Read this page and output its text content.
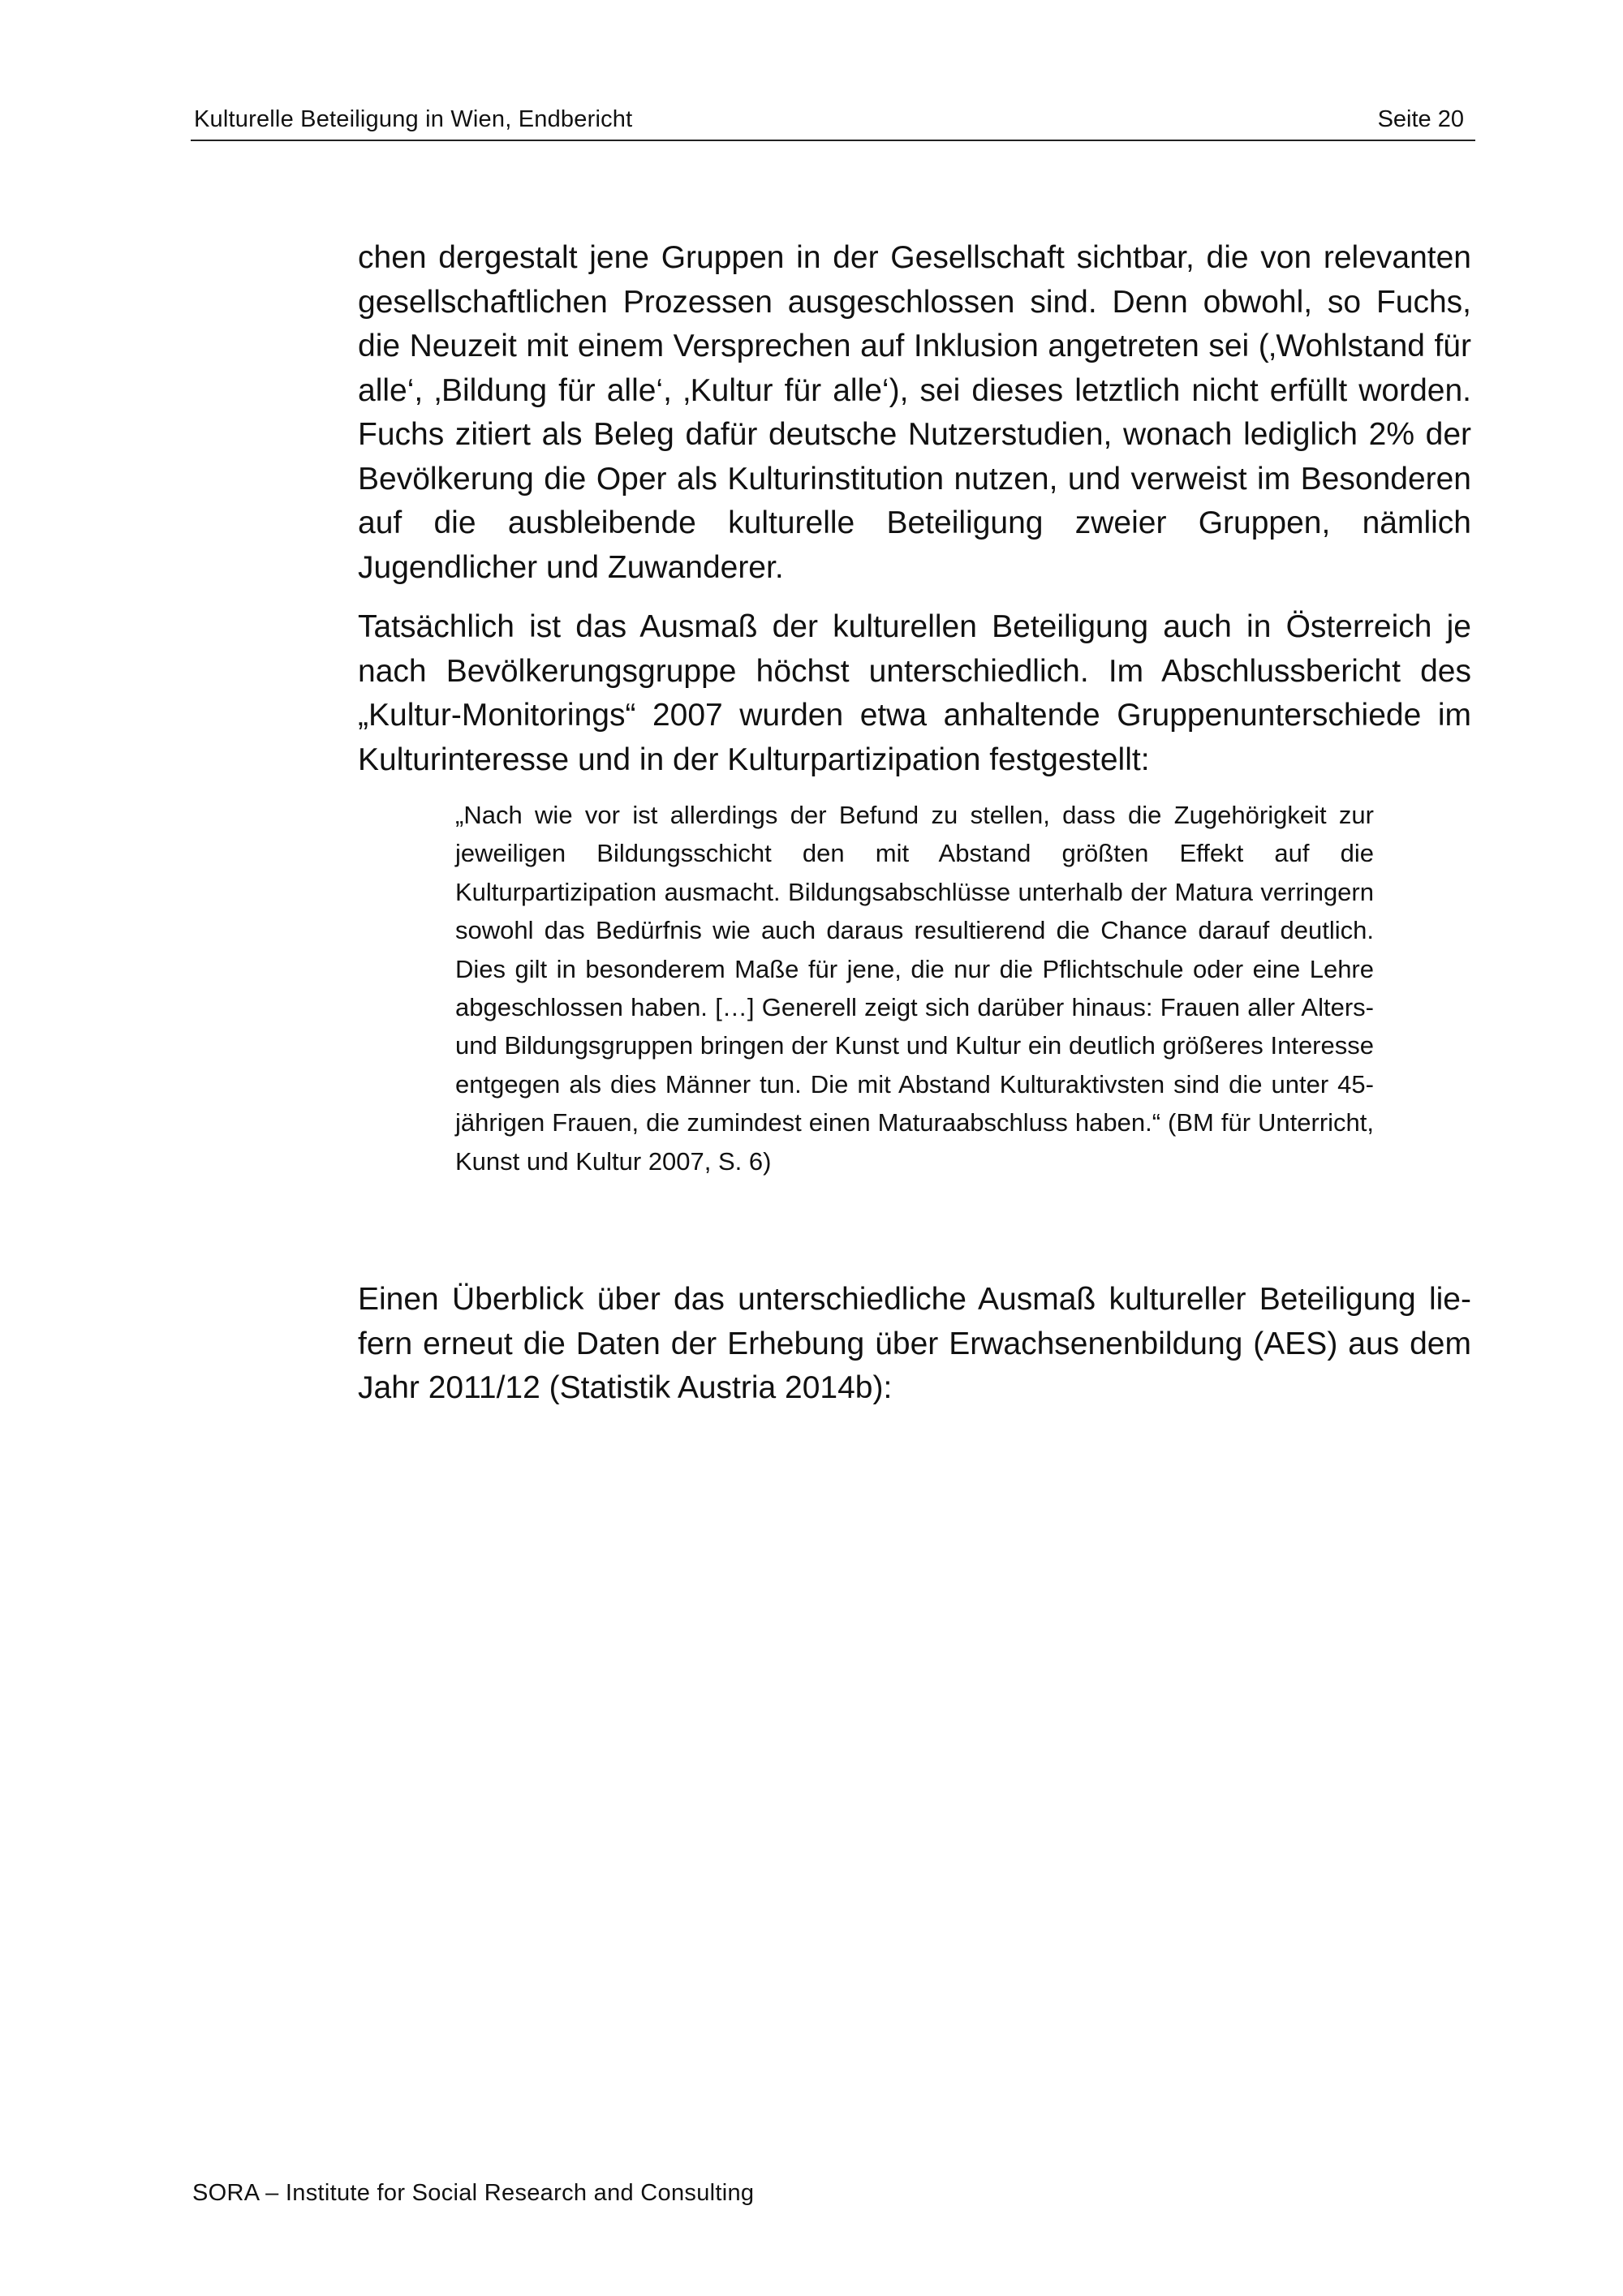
Kulturelle Beteiligung in Wien, Endbericht	Seite 20

chen dergestalt jene Gruppen in der Gesellschaft sichtbar, die von relevanten gesellschaftlichen Prozessen ausgeschlossen sind. Denn obwohl, so Fuchs, die Neuzeit mit einem Versprechen auf Inklusion angetreten sei (‚Wohlstand für alle‘, ‚Bildung für alle‘, ‚Kultur für alle‘), sei dieses letztlich nicht erfüllt worden. Fuchs zitiert als Beleg dafür deutsche Nutzerstudien, wonach lediglich 2% der Bevölkerung die Oper als Kulturinstitution nutzen, und verweist im Besonderen auf die ausbleibende kulturelle Beteiligung zweier Gruppen, nämlich Jugendlicher und Zuwanderer.

Tatsächlich ist das Ausmaß der kulturellen Beteiligung auch in Österreich je nach Bevölkerungsgruppe höchst unterschiedlich. Im Abschlussbericht des „Kultur-Monitorings“ 2007 wurden etwa anhaltende Gruppenunterschiede im Kulturinteresse und in der Kulturpartizipation festgestellt:

„Nach wie vor ist allerdings der Befund zu stellen, dass die Zugehörigkeit zur jeweiligen Bildungsschicht den mit Abstand größten Effekt auf die Kulturpartizipation ausmacht. Bildungsabschlüsse unterhalb der Matura verringern sowohl das Bedürfnis wie auch daraus resultierend die Chance darauf deutlich. Dies gilt in besonderem Maße für jene, die nur die Pflichtschule oder eine Lehre abgeschlossen haben. […] Generell zeigt sich darüber hinaus: Frauen aller Alters- und Bildungsgruppen bringen der Kunst und Kultur ein deutlich größeres Interesse entgegen als dies Männer tun. Die mit Abstand Kulturaktivsten sind die unter 45-jährigen Frauen, die zumindest einen Maturaabschluss haben.“ (BM für Unterricht, Kunst und Kultur 2007, S. 6)

Einen Überblick über das unterschiedliche Ausmaß kultureller Beteiligung liefern erneut die Daten der Erhebung über Erwachsenenbildung (AES) aus dem Jahr 2011/12 (Statistik Austria 2014b):

SORA – Institute for Social Research and Consulting
